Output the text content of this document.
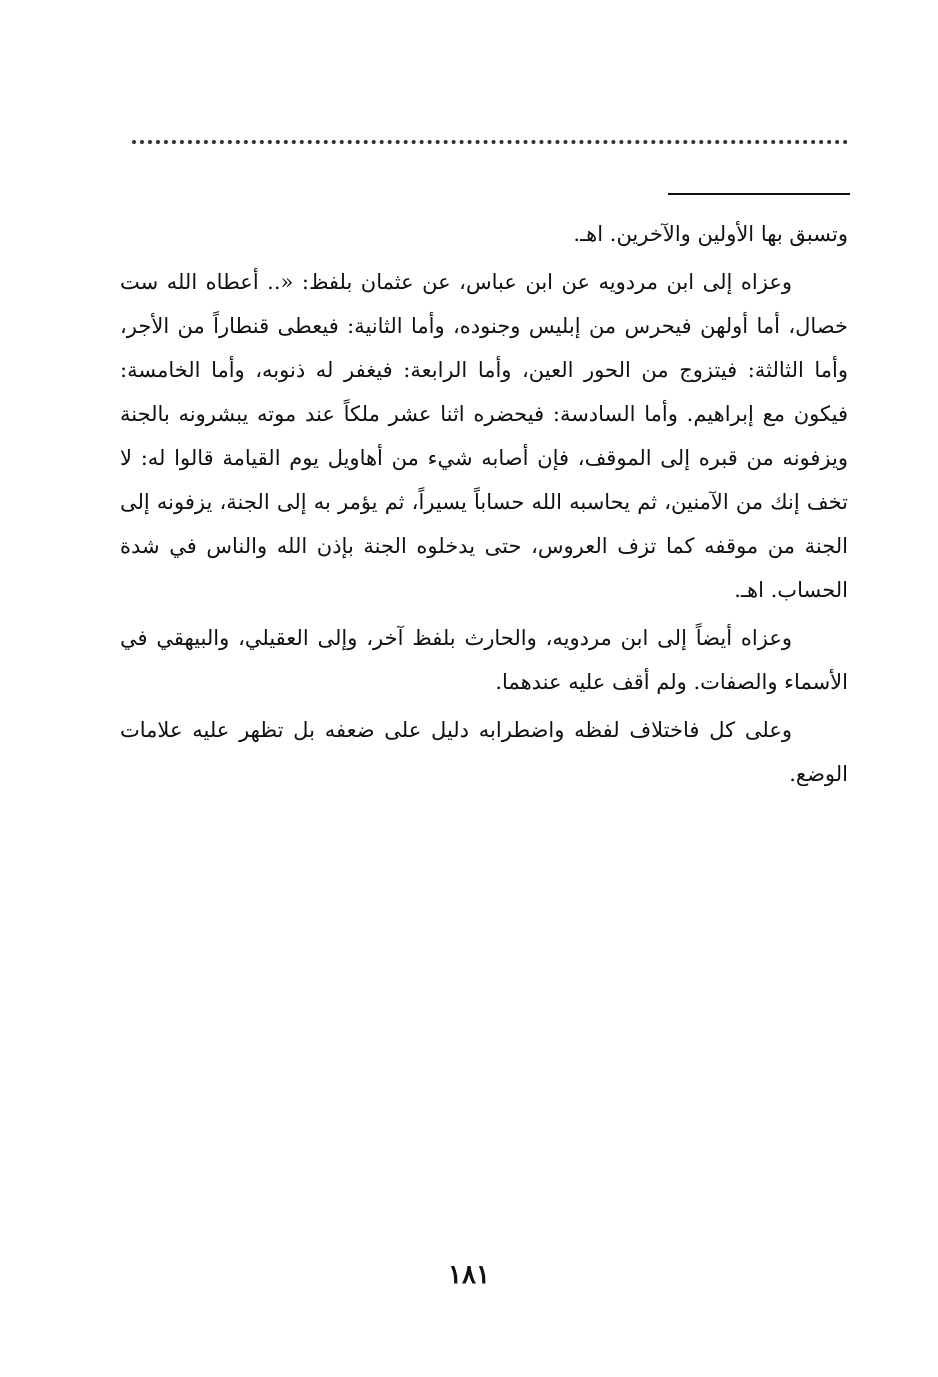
وتسبق بها الأولين والآخرين. اهـ.

وعزاه إلى ابن مردويه عن ابن عباس، عن عثمان بلفظ: «.. أعطاه الله ست خصال، أما أولهن فيحرس من إبليس وجنوده، وأما الثانية: فيعطى قنطاراً من الأجر، وأما الثالثة: فيتزوج من الحور العين، وأما الرابعة: فيغفر له ذنوبه، وأما الخامسة: فيكون مع إبراهيم. وأما السادسة: فيحضره اثنا عشر ملكاً عند موته يبشرونه بالجنة ويزفونه من قبره إلى الموقف، فإن أصابه شيء من أهاويل يوم القيامة قالوا له: لا تخف إنك من الآمنين، ثم يحاسبه الله حساباً يسيراً، ثم يؤمر به إلى الجنة، يزفونه إلى الجنة من موقفه كما تزف العروس، حتى يدخلوه الجنة بإذن الله والناس في شدة الحساب. اهـ.

وعزاه أيضاً إلى ابن مردويه، والحارث بلفظ آخر، وإلى العقيلي، والبيهقي في الأسماء والصفات. ولم أقف عليه عندهما.

وعلى كل فاختلاف لفظه واضطرابه دليل على ضعفه بل تظهر عليه علامات الوضع.

١٨١
